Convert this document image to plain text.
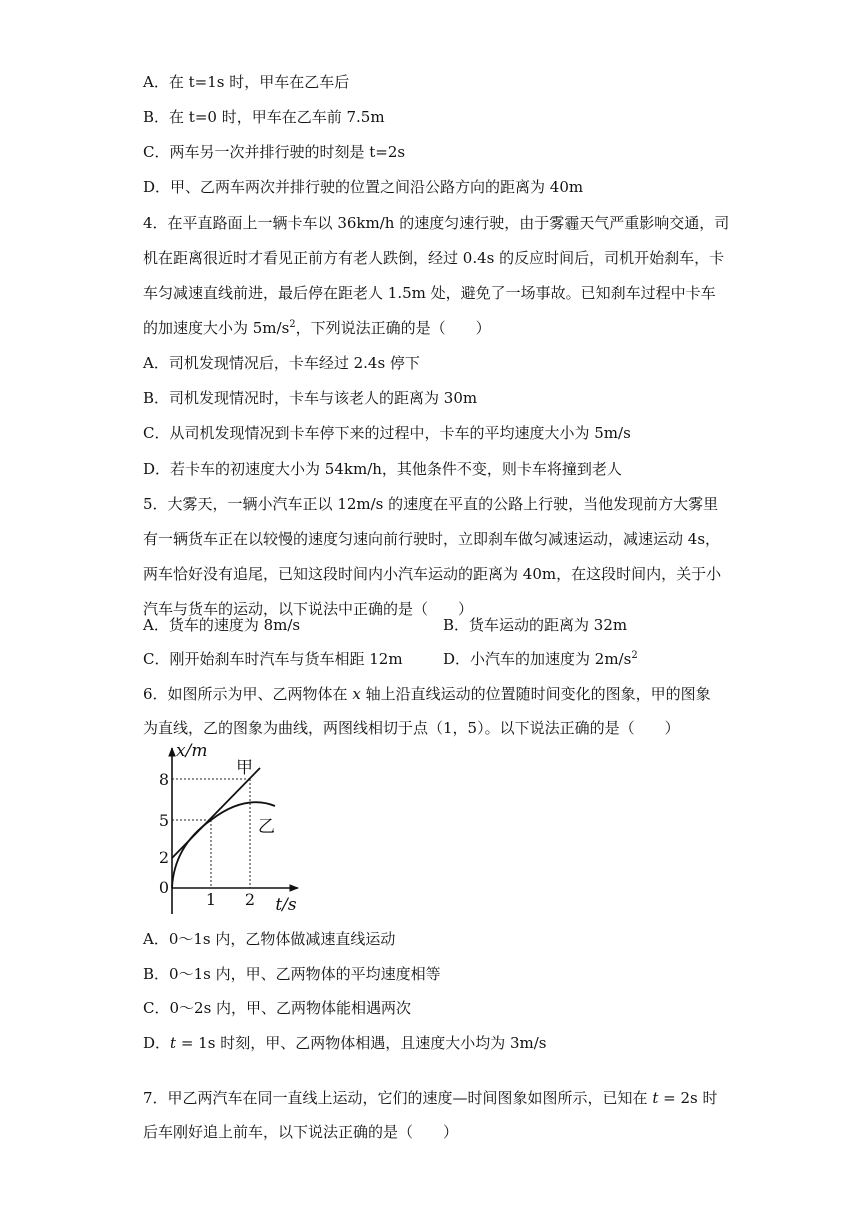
A．在 t=1s 时，甲车在乙车后
B．在 t=0 时，甲车在乙车前 7.5m
C．两车另一次并排行驶的时刻是 t=2s
D．甲、乙两车两次并排行驶的位置之间沿公路方向的距离为 40m
4．在平直路面上一辆卡车以 36km/h 的速度匀速行驶，由于雾霾天气严重影响交通，司
机在距离很近时才看见正前方有老人跌倒，经过 0.4s 的反应时间后，司机开始刹车，卡
车匀减速直线前进，最后停在距老人 1.5m 处，避免了一场事故。已知刹车过程中卡车
的加速度大小为 $5m/s^2$，下列说法正确的是（　　）
A．司机发现情况后，卡车经过 2.4s 停下
B．司机发现情况时，卡车与该老人的距离为 30m
C．从司机发现情况到卡车停下来的过程中，卡车的平均速度大小为 5m/s
D．若卡车的初速度大小为 54km/h，其他条件不变，则卡车将撞到老人
5．大雾天，一辆小汽车正以 12m/s 的速度在平直的公路上行驶，当他发现前方大雾里
有一辆货车正在以较慢的速度匀速向前行驶时，立即刹车做匀减速运动，减速运动 4s，
两车恰好没有追尾，已知这段时间内小汽车运动的距离为 40m，在这段时间内，关于小
汽车与货车的运动，以下说法中正确的是（　　）
A．货车的速度为 8m/s	B．货车运动的距离为 32m
C．刚开始刹车时汽车与货车相距 12m	D．小汽车的加速度为 $2m/s^2$
6．如图所示为甲、乙两物体在 x 轴上沿直线运动的位置随时间变化的图象，甲的图象
为直线，乙的图象为曲线，两图线相切于点（1，5）。以下说法正确的是（　　）
x/m
t/s
8
5
2
0
1 2
甲
乙
A．0～1s 内，乙物体做减速直线运动
B．0～1s 内，甲、乙两物体的平均速度相等
C．0～2s 内，甲、乙两物体能相遇两次
D．t = 1s 时刻，甲、乙两物体相遇，且速度大小均为 3m/s
7．甲乙两汽车在同一直线上运动，它们的速度—时间图象如图所示，已知在 t = 2s 时
后车刚好追上前车，以下说法正确的是（　　）
